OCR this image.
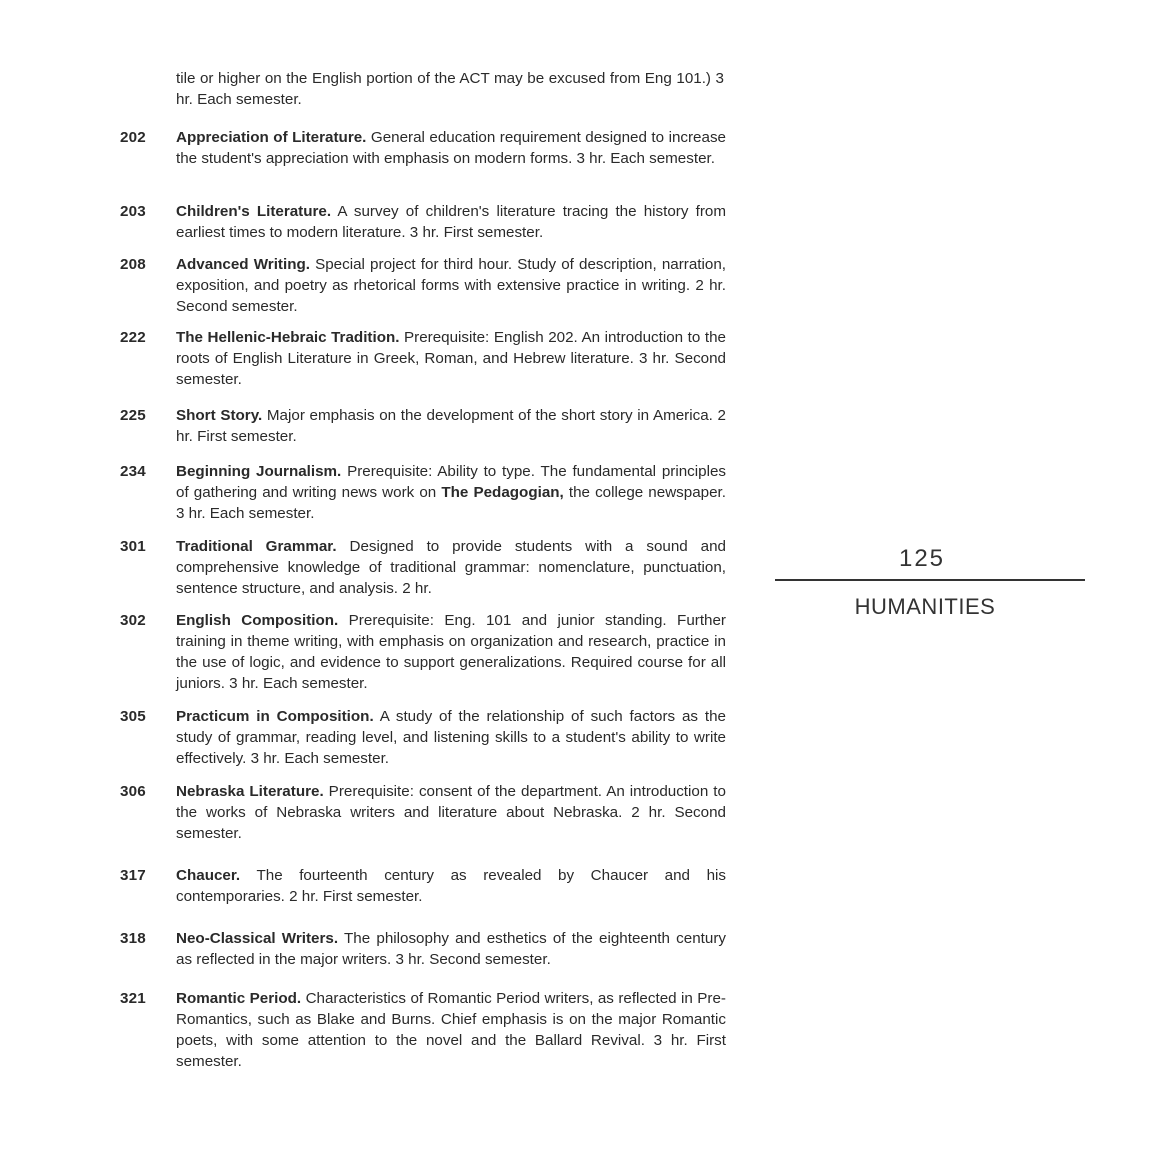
tile or higher on the English portion of the ACT may be excused from Eng 101.) 3 hr. Each semester.
202	Appreciation of Literature. General education requirement designed to increase the student's appreciation with emphasis on modern forms. 3 hr. Each semester.
203	Children's Literature. A survey of children's literature tracing the history from earliest times to modern literature. 3 hr. First semester.
208	Advanced Writing. Special project for third hour. Study of description, narration, exposition, and poetry as rhetorical forms with extensive practice in writing. 2 hr. Second semester.
222	The Hellenic-Hebraic Tradition. Prerequisite: English 202. An introduction to the roots of English Literature in Greek, Roman, and Hebrew literature. 3 hr. Second semester.
225	Short Story. Major emphasis on the development of the short story in America. 2 hr. First semester.
234	Beginning Journalism. Prerequisite: Ability to type. The fundamental principles of gathering and writing news work on The Pedagogian, the college newspaper. 3 hr. Each semester.
301	Traditional Grammar. Designed to provide students with a sound and comprehensive knowledge of traditional grammar: nomenclature, punctuation, sentence structure, and analysis. 2 hr.
302	English Composition. Prerequisite: Eng. 101 and junior standing. Further training in theme writing, with emphasis on organization and research, practice in the use of logic, and evidence to support generalizations. Required course for all juniors. 3 hr. Each semester.
305	Practicum in Composition. A study of the relationship of such factors as the study of grammar, reading level, and listening skills to a student's ability to write effectively. 3 hr. Each semester.
306	Nebraska Literature. Prerequisite: consent of the department. An introduction to the works of Nebraska writers and literature about Nebraska. 2 hr. Second semester.
317	Chaucer. The fourteenth century as revealed by Chaucer and his contemporaries. 2 hr. First semester.
318	Neo-Classical Writers. The philosophy and esthetics of the eighteenth century as reflected in the major writers. 3 hr. Second semester.
321	Romantic Period. Characteristics of Romantic Period writers, as reflected in Pre-Romantics, such as Blake and Burns. Chief emphasis is on the major Romantic poets, with some attention to the novel and the Ballard Revival. 3 hr. First semester.
125
HUMANITIES
